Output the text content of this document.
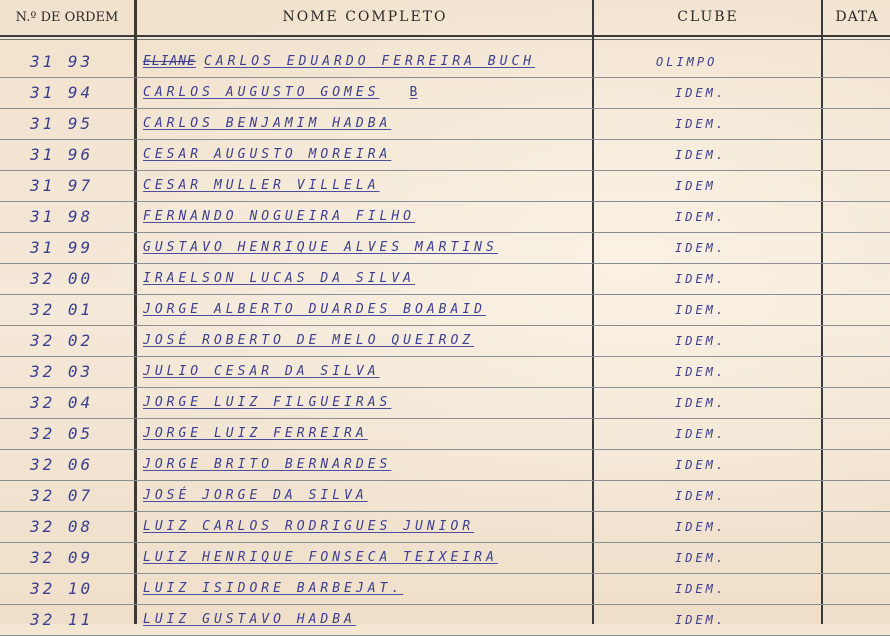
N.º DE ORDEM	NOME COMPLETO	CLUBE	DATA
31 93	ELIANE CARLOS EDUARDO FERREIRA BUCH	OLIMPO
31 94	CARLOS AUGUSTO GOMES B	IDEM.
31 95	CARLOS BENJAMIM HADBA	IDEM.
31 96	CESAR AUGUSTO MOREIRA	IDEM.
31 97	CESAR MULLER VILLELA	IDEM
31 98	FERNANDO NOGUEIRA FILHO	IDEM.
31 99	GUSTAVO HENRIQUE ALVES MARTINS	IDEM.
32 00	IRAELSON LUCAS DA SILVA	IDEM.
32 01	JORGE ALBERTO DUARDES BOABAID	IDEM.
32 02	JOSÉ ROBERTO DE MELO QUEIROZ	IDEM.
32 03	JULIO CESAR DA SILVA	IDEM.
32 04	JORGE LUIZ FILGUEIRAS	IDEM.
32 05	JORGE LUIZ FERREIRA	IDEM.
32 06	JORGE BRITO BERNARDES	IDEM.
32 07	JOSÉ JORGE DA SILVA	IDEM.
32 08	LUIZ CARLOS RODRIGUES JUNIOR	IDEM.
32 09	LUIZ HENRIQUE FONSECA TEIXEIRA	IDEM.
32 10	LUIZ ISIDORE BARBEJAT.	IDEM.
32 11	LUIZ GUSTAVO HADBA	IDEM.
